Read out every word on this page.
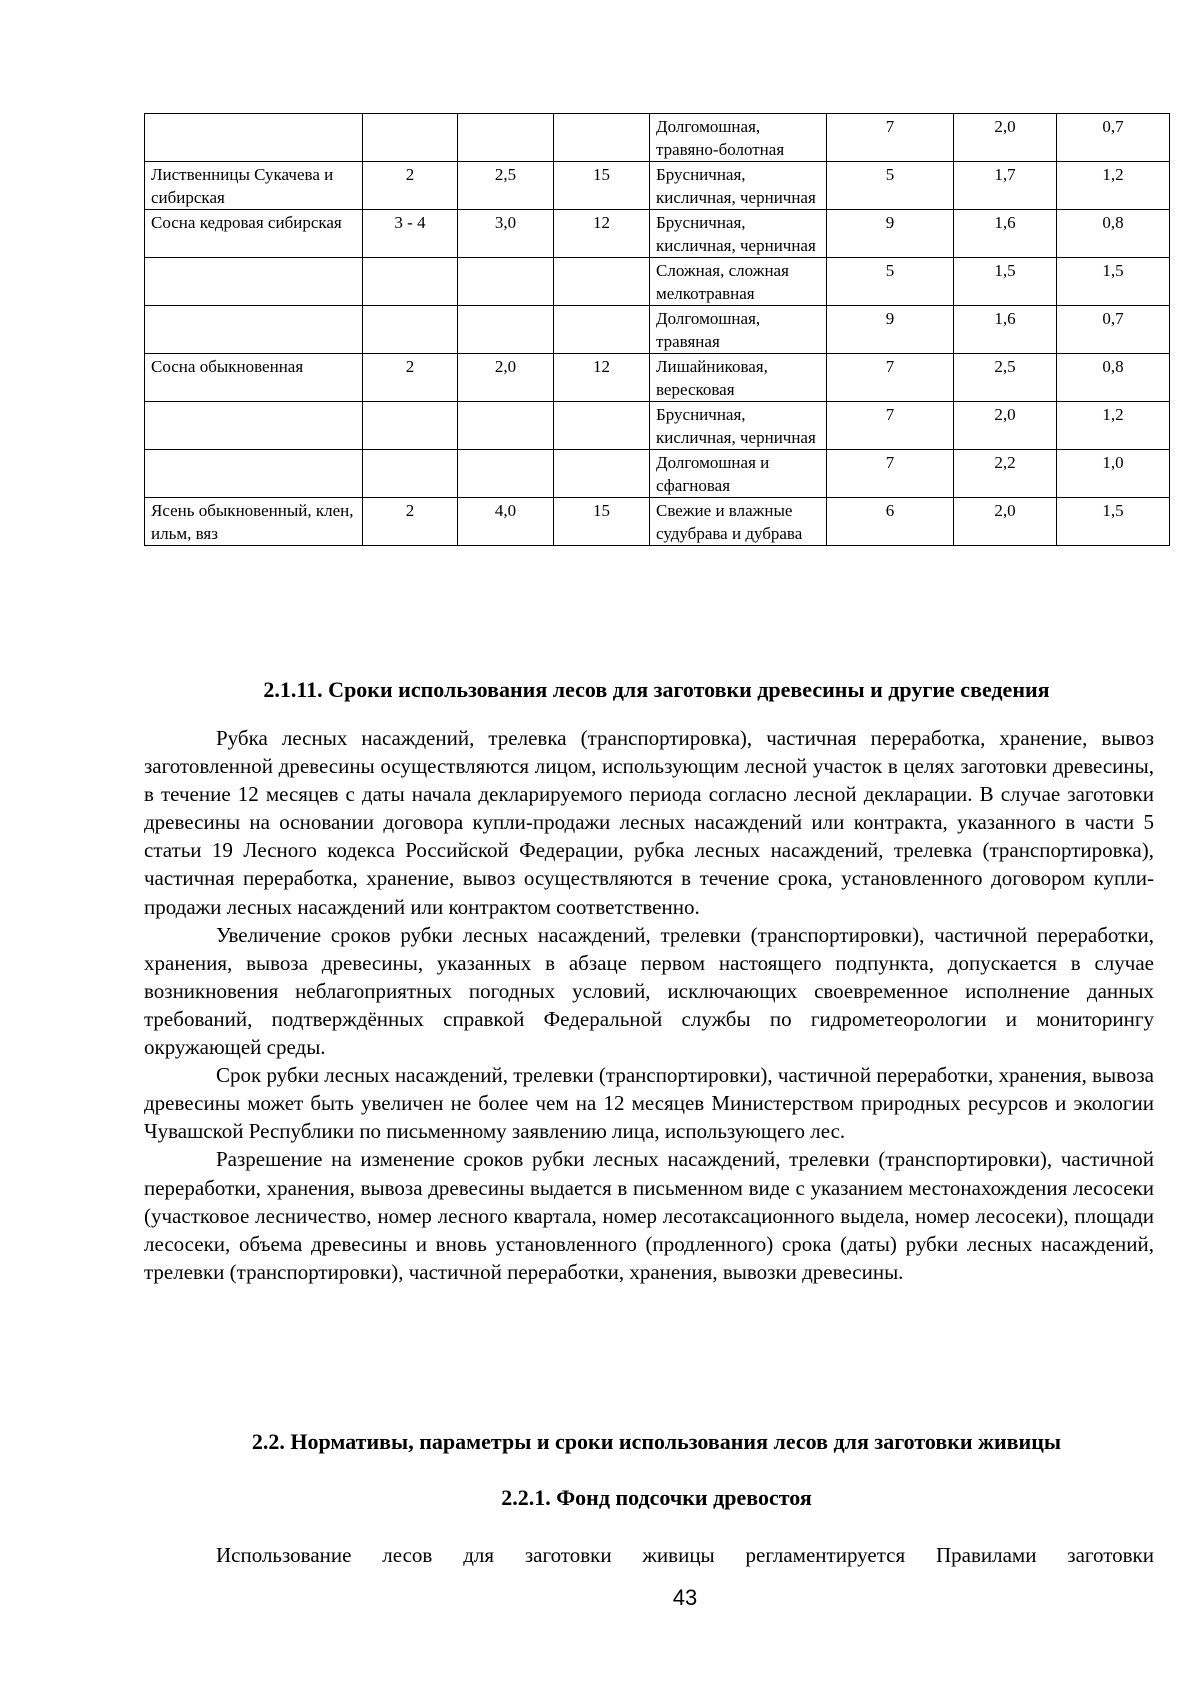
				Долгомошная, травяно-болотная	7	2,0	0,7
Лиственницы Сукачева и сибирская	2	2,5	15	Брусничная, кисличная, черничная	5	1,7	1,2
Сосна кедровая сибирская	3 - 4	3,0	12	Брусничная, кисличная, черничная	9	1,6	0,8
				Сложная, сложная мелкотравная	5	1,5	1,5
				Долгомошная, травяная	9	1,6	0,7
Сосна обыкновенная	2	2,0	12	Лишайниковая, вересковая	7	2,5	0,8
				Брусничная, кисличная, черничная	7	2,0	1,2
				Долгомошная и сфагновая	7	2,2	1,0
Ясень обыкновенный, клен, ильм, вяз	2	4,0	15	Свежие и влажные судубрава и дубрава	6	2,0	1,5
2.1.11. Сроки использования лесов для заготовки древесины и другие сведения

Рубка лесных насаждений, трелевка (транспортировка), частичная переработка, хранение, вывоз заготовленной древесины осуществляются лицом, использующим лесной участок в целях заготовки древесины, в течение 12 месяцев с даты начала декларируемого периода согласно лесной декларации. В случае заготовки древесины на основании договора купли-продажи лесных насаждений или контракта, указанного в части 5 статьи 19 Лесного кодекса Российской Федерации, рубка лесных насаждений, трелевка (транспортировка), частичная переработка, хранение, вывоз осуществляются в течение срока, установленного договором купли-продажи лесных насаждений или контрактом соответственно.

Увеличение сроков рубки лесных насаждений, трелевки (транспортировки), частичной переработки, хранения, вывоза древесины, указанных в абзаце первом настоящего подпункта, допускается в случае возникновения неблагоприятных погодных условий, исключающих своевременное исполнение данных требований, подтверждённых справкой Федеральной службы по гидрометеорологии и мониторингу окружающей среды.

Срок рубки лесных насаждений, трелевки (транспортировки), частичной переработки, хранения, вывоза древесины может быть увеличен не более чем на 12 месяцев Министерством природных ресурсов и экологии Чувашской Республики по письменному заявлению лица, использующего лес.

Разрешение на изменение сроков рубки лесных насаждений, трелевки (транспортировки), частичной переработки, хранения, вывоза древесины выдается в письменном виде с указанием местонахождения лесосеки (участковое лесничество, номер лесного квартала, номер лесотаксационного выдела, номер лесосеки), площади лесосеки, объема древесины и вновь установленного (продленного) срока (даты) рубки лесных насаждений, трелевки (транспортировки), частичной переработки, хранения, вывозки древесины.

2.2. Нормативы, параметры и сроки использования лесов для заготовки живицы
2.2.1. Фонд подсочки древостоя

Использование лесов для заготовки живицы регламентируется Правилами заготовки

43
